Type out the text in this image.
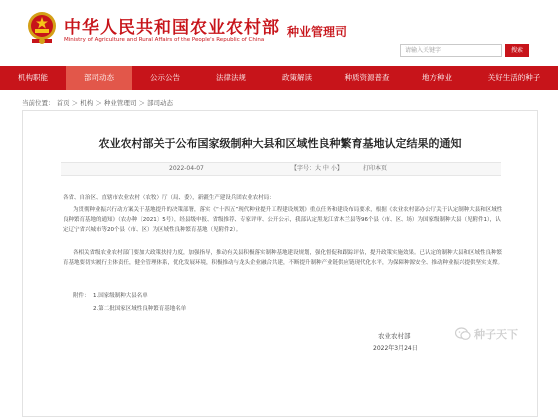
中华人民共和国农业农村部
Ministry of Agriculture and Rural Affairs of the People's Republic of China
种业管理司
请输入关键字	搜索
机构职能	部司动态	公示公告	法律法规	政策解读	种质资源普查	地方种业	关好生活的种子
当前位置： 首页 ＞ 机构 ＞ 种业管理司 ＞ 部司动态
农业农村部关于公布国家级制种大县和区域性良种繁育基地认定结果的通知
2022-04-07	【字号：大 中 小】	打印本页
各省、自治区、直辖市农业农村（农牧）厅（局、委），新疆生产建设兵团农业农村局：
为贯彻种业振兴行动方案关于基地提升的决策部署，落实《“十四五”现代种业提升工程建设规划》重点任务和建设布局要求，根据《农业农村部办公厅关于认定制种大县和区域性良种繁育基地的通知》（农办种〔2021〕5号），经县级申报、省级推荐、专家评审、公开公示，我部认定黑龙江省木兰县等96个县（市、区、场）为国家级制种大县（见附件1），认定辽宁省兴城市等20个县（市、区）为区域性良种繁育基地（见附件2）。
各相关省级农业农村部门要加大政策扶持力度，加强指导，推动有关县积极落实制种基地建设规划，强化督促和跟踪评估，提升政策实施效果。已认定的制种大县和区域性良种繁育基地要切实履行主体责任，健全管理体系，优化发展环境，积极推动与龙头企业融合共建，不断提升制种产业链供应链现代化水平，为保障种源安全、推动种业振兴提供坚实支撑。
附件： 1.国家级制种大县名单
2.第二批国家区域性良种繁育基地名单
农业农村部
2022年3月24日
种子天下
